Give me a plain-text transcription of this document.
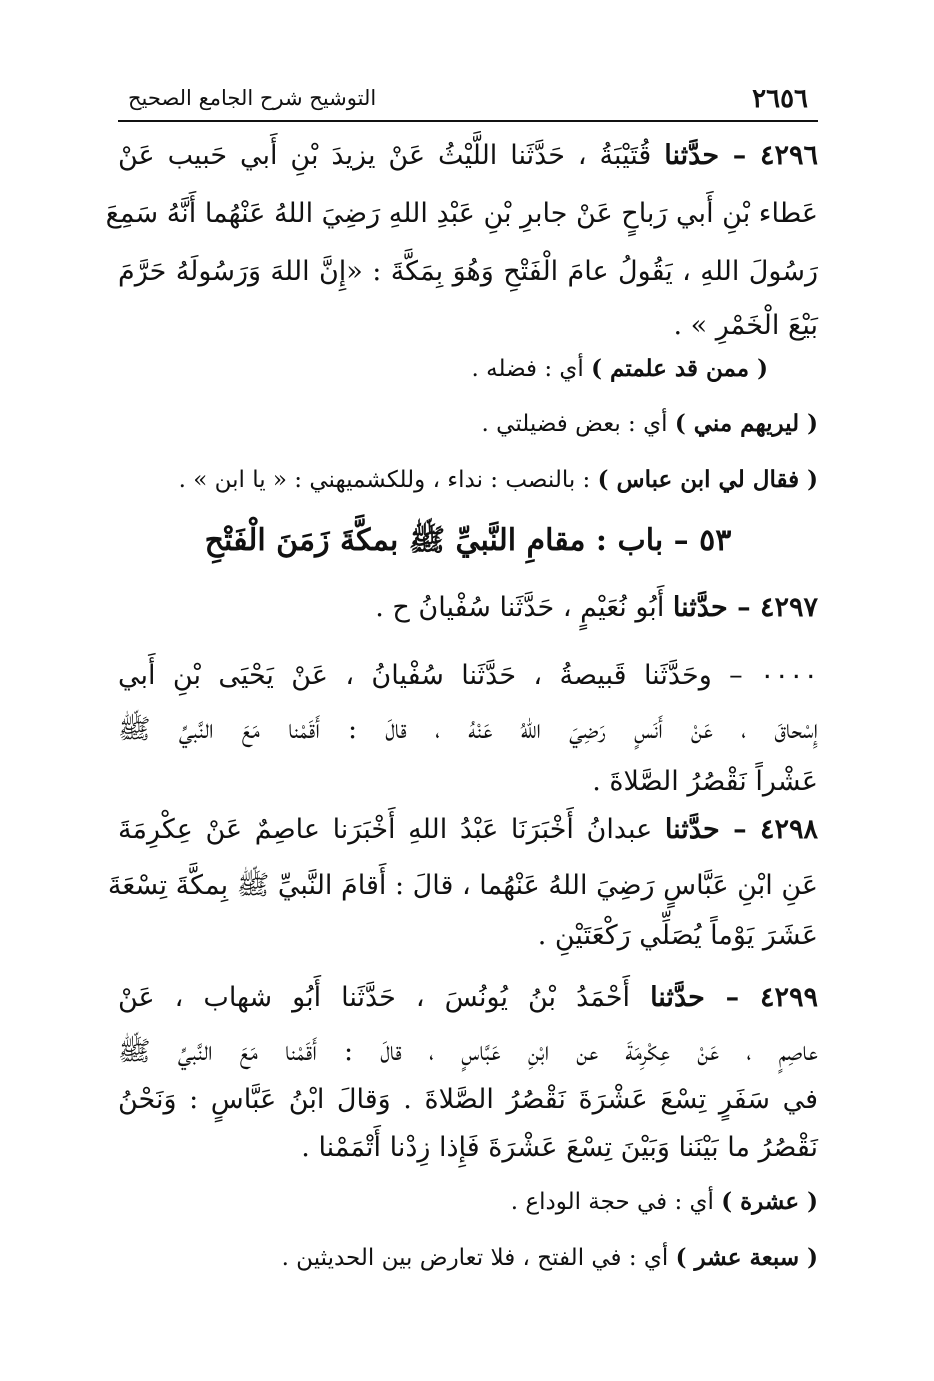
٢٦٥٦
التوشيح شرح الجامع الصحيح
٤٢٩٦ – حدَّثنا قُتَيْبَةُ ، حَدَّثَنا اللَّيْثُ عَنْ يزيدَ بْنِ أَبي حَبيب عَنْ
عَطاء بْنِ أَبي رَباحٍ عَنْ جابرِ بْنِ عَبْدِ اللهِ رَضِيَ اللهُ عَنْهُما أَنَّهُ سَمِعَ
رَسُولَ اللهِ ، يَقُولُ عامَ الْفَتْحِ وَهُوَ بِمَكَّةَ : «إِنَّ اللهَ وَرَسُولَهُ حَرَّمَ
بَيْعَ الْخَمْرِ » .
( ممن قد علمتم ) أي : فضله .
( ليريهم مني ) أي : بعض فضيلتي .
( فقال لي ابن عباس ) : بالنصب : نداء ، وللكشميهني : « يا ابن » .
٥٣ – باب : مقامِ النَّبيِّ ﷺ بمكَّةَ زَمَنَ الْفَتْحِ
٤٢٩٧ – حدَّثنا أَبُو نُعَيْمٍ ، حَدَّثَنا سُفْيانُ ح .
٠٠٠٠ – وحَدَّثَنا قَبيصةُ ، حَدَّثَنا سُفْيانُ ، عَنْ يَحْيَى بْنِ أَبي
إِسْحاقَ ، عَنْ أَنَسٍ رَضِيَ اللهُ عَنْهُ ، قالَ : أَقَمْنا مَعَ النَّبيِّ ﷺ
عَشْراً نَقْصُرُ الصَّلاةَ .
٤٢٩٨ – حدَّثنا عبدانُ أَخْبَرَنَا عَبْدُ اللهِ أَخْبَرَنا عاصِمٌ عَنْ عِكْرِمَةَ
عَنِ ابْنِ عَبَّاسٍ رَضِيَ اللهُ عَنْهُما ، قالَ : أَقامَ النَّبيِّ ﷺ بِمكَّةَ تِسْعَةَ
عَشَرَ يَوْماً يُصَلِّي رَكْعَتَيْنِ .
٤٢٩٩ – حدَّثنا أَحْمَدُ بْنُ يُونُسَ ، حَدَّثَنا أَبُو شهاب ، عَنْ
عاصِمٍ ، عَنْ عِكْرِمَةَ عن ابْنِ عَبَّاسٍ ، قالَ : أَقَمْنا مَعَ النَّبيِّ ﷺ
في سَفَرٍ تِسْعَ عَشْرَةَ نَقْصُرُ الصَّلاةَ . وَقالَ ابْنُ عَبَّاسٍ : وَنَحْنُ
نَقْصُرُ ما بَيْنَنا وَبَيْنَ تِسْعَ عَشْرَةَ فَإِذا زِدْنا أَتْمَمْنا .
( عشرة ) أي : في حجة الوداع .
( سبعة عشر ) أي : في الفتح ، فلا تعارض بين الحديثين .
